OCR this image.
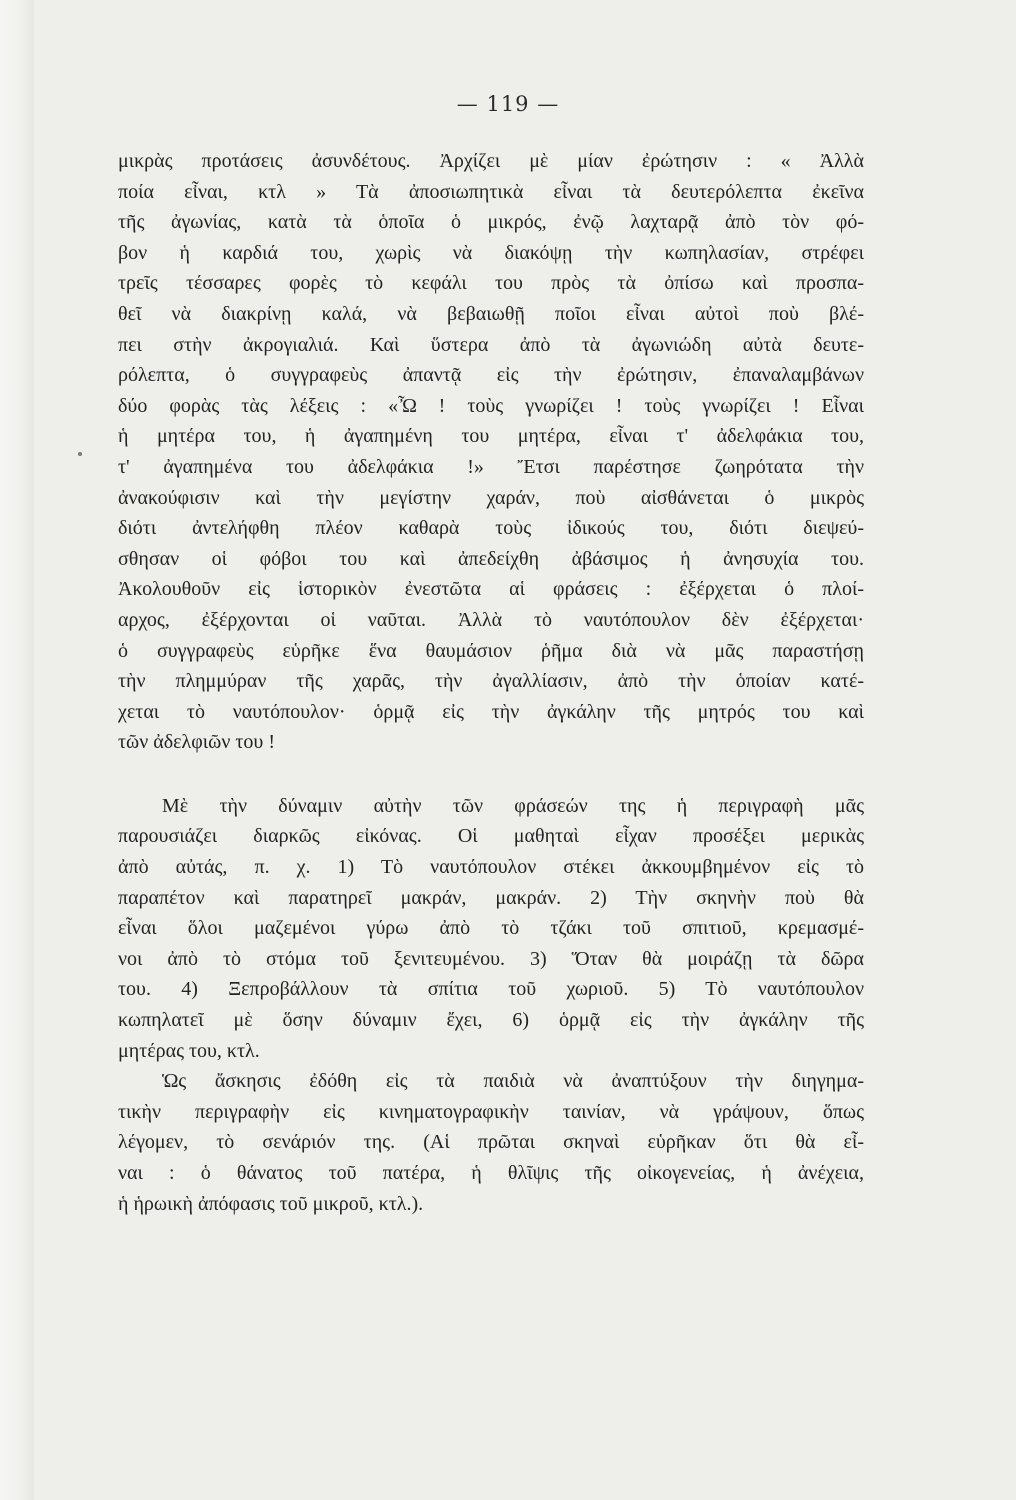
— 119 —
μικρὰς προτάσεις ἀσυνδέτους. Ἀρχίζει μὲ μίαν ἐρώτησιν : « Ἀλλὰ
ποία εἶναι, κτλ » Τὰ ἀποσιωπητικὰ εἶναι τὰ δευτερόλεπτα ἐκεῖνα
τῆς ἀγωνίας, κατὰ τὰ ὁποῖα ὁ μικρός, ἐνῷ λαχταρᾷ ἀπὸ τὸν φό-
βον ἡ καρδιά του, χωρὶς νὰ διακόψῃ τὴν κωπηλασίαν, στρέφει
τρεῖς τέσσαρες φορὲς τὸ κεφάλι του πρὸς τὰ ὀπίσω καὶ προσπα-
θεῖ νὰ διακρίνῃ καλά, νὰ βεβαιωθῇ ποῖοι εἶναι αὐτοὶ ποὺ βλέ-
πει στὴν ἀκρογιαλιά. Καὶ ὕστερα ἀπὸ τὰ ἀγωνιώδη αὐτὰ δευτε-
ρόλεπτα, ὁ συγγραφεὺς ἀπαντᾷ εἰς τὴν ἐρώτησιν, ἐπαναλαμβάνων
δύο φορὰς τὰς λέξεις : «Ὦ ! τοὺς γνωρίζει ! τοὺς γνωρίζει ! Εἶναι
ἡ μητέρα του, ἡ ἀγαπημένη του μητέρα, εἶναι τ' ἀδελφάκια του,
τ' ἀγαπημένα του ἀδελφάκια !» Ἔτσι παρέστησε ζωηρότατα τὴν
ἀνακούφισιν καὶ τὴν μεγίστην χαράν, ποὺ αἰσθάνεται ὁ μικρὸς
διότι ἀντελήφθη πλέον καθαρὰ τοὺς ἰδικούς του, διότι διεψεύ-
σθησαν οἱ φόβοι του καὶ ἀπεδείχθη ἀβάσιμος ἡ ἀνησυχία του.
Ἀκολουθοῦν εἰς ἱστορικὸν ἐνεστῶτα αἱ φράσεις : ἐξέρχεται ὁ πλοί-
αρχος, ἐξέρχονται οἱ ναῦται. Ἀλλὰ τὸ ναυτόπουλον δὲν ἐξέρχεται·
ὁ συγγραφεὺς εὑρῆκε ἕνα θαυμάσιον ῥῆμα διὰ νὰ μᾶς παραστήσῃ
τὴν πλημμύραν τῆς χαρᾶς, τὴν ἀγαλλίασιν, ἀπὸ τὴν ὁποίαν κατέ-
χεται τὸ ναυτόπουλον· ὁρμᾷ εἰς τὴν ἀγκάλην τῆς μητρός του καὶ
τῶν ἀδελφιῶν του !
Μὲ τὴν δύναμιν αὐτὴν τῶν φράσεών της ἡ περιγραφὴ μᾶς
παρουσιάζει διαρκῶς εἰκόνας. Οἱ μαθηταὶ εἶχαν προσέξει μερικὰς
ἀπὸ αὐτάς, π. χ. 1) Τὸ ναυτόπουλον στέκει ἀκκουμβημένον εἰς τὸ
παραπέτον καὶ παρατηρεῖ μακράν, μακράν. 2) Τὴν σκηνὴν ποὺ θὰ
εἶναι ὅλοι μαζεμένοι γύρω ἀπὸ τὸ τζάκι τοῦ σπιτιοῦ, κρεμασμέ-
νοι ἀπὸ τὸ στόμα τοῦ ξενιτευμένου. 3) Ὅταν θὰ μοιράζῃ τὰ δῶρα
του. 4) Ξεπροβάλλουν τὰ σπίτια τοῦ χωριοῦ. 5) Τὸ ναυτόπουλον
κωπηλατεῖ μὲ ὅσην δύναμιν ἔχει, 6) ὁρμᾷ εἰς τὴν ἀγκάλην τῆς
μητέρας του, κτλ.
Ὡς ἄσκησις ἐδόθη εἰς τὰ παιδιὰ νὰ ἀναπτύξουν τὴν διηγημα-
τικὴν περιγραφὴν εἰς κινηματογραφικὴν ταινίαν, νὰ γράψουν, ὅπως
λέγομεν, τὸ σενάριόν της. (Αἱ πρῶται σκηναὶ εὑρῆκαν ὅτι θὰ εἶ-
ναι : ὁ θάνατος τοῦ πατέρα, ἡ θλῖψις τῆς οἰκογενείας, ἡ ἀνέχεια,
ἡ ἡρωικὴ ἀπόφασις τοῦ μικροῦ, κτλ.).
